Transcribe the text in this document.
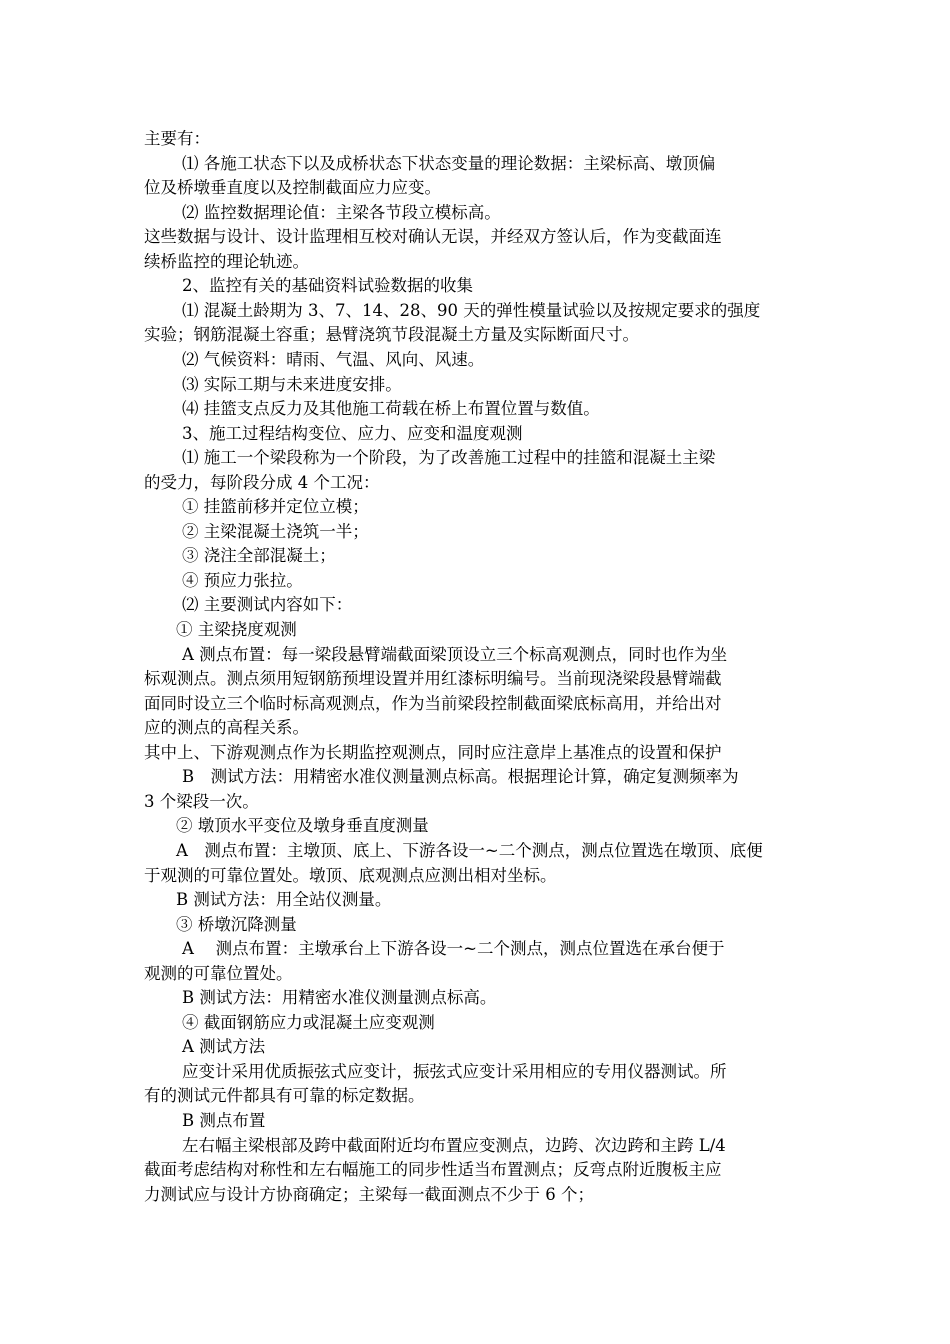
主要有：
⑴ 各施工状态下以及成桥状态下状态变量的理论数据：主梁标高、墩顶偏
位及桥墩垂直度以及控制截面应力应变。
⑵ 监控数据理论值：主梁各节段立模标高。
这些数据与设计、设计监理相互校对确认无误，并经双方签认后，作为变截面连
续桥监控的理论轨迹。
2、监控有关的基础资料试验数据的收集
⑴ 混凝土龄期为 3、7、14、28、90 天的弹性模量试验以及按规定要求的强度
实验；钢筋混凝土容重；悬臂浇筑节段混凝土方量及实际断面尺寸。
⑵ 气候资料：晴雨、气温、风向、风速。
⑶ 实际工期与未来进度安排。
⑷ 挂篮支点反力及其他施工荷载在桥上布置位置与数值。
3、施工过程结构变位、应力、应变和温度观测
⑴ 施工一个梁段称为一个阶段，为了改善施工过程中的挂篮和混凝土主梁
的受力，每阶段分成 4 个工况：
① 挂篮前移并定位立模；
② 主梁混凝土浇筑一半；
③ 浇注全部混凝土；
④ 预应力张拉。
⑵ 主要测试内容如下：
① 主梁挠度观测
A 测点布置：每一梁段悬臂端截面梁顶设立三个标高观测点，同时也作为坐
标观测点。测点须用短钢筋预埋设置并用红漆标明编号。当前现浇梁段悬臂端截
面同时设立三个临时标高观测点，作为当前梁段控制截面梁底标高用，并给出对
应的测点的高程关系。
其中上、下游观测点作为长期监控观测点，同时应注意岸上基准点的设置和保护
B　测试方法：用精密水准仪测量测点标高。根据理论计算，确定复测频率为
3 个梁段一次。
② 墩顶水平变位及墩身垂直度测量
A　测点布置：主墩顶、底上、下游各设一~二个测点，测点位置选在墩顶、底便
于观测的可靠位置处。墩顶、底观测点应测出相对坐标。
B 测试方法：用全站仪测量。
③ 桥墩沉降测量
A　 测点布置：主墩承台上下游各设一~二个测点，测点位置选在承台便于
观测的可靠位置处。
B 测试方法：用精密水准仪测量测点标高。
④ 截面钢筋应力或混凝土应变观测
A 测试方法
应变计采用优质振弦式应变计，振弦式应变计采用相应的专用仪器测试。所
有的测试元件都具有可靠的标定数据。
B 测点布置
左右幅主梁根部及跨中截面附近均布置应变测点，边跨、次边跨和主跨 L/4
截面考虑结构对称性和左右幅施工的同步性适当布置测点；反弯点附近腹板主应
力测试应与设计方协商确定；主梁每一截面测点不少于 6 个；
